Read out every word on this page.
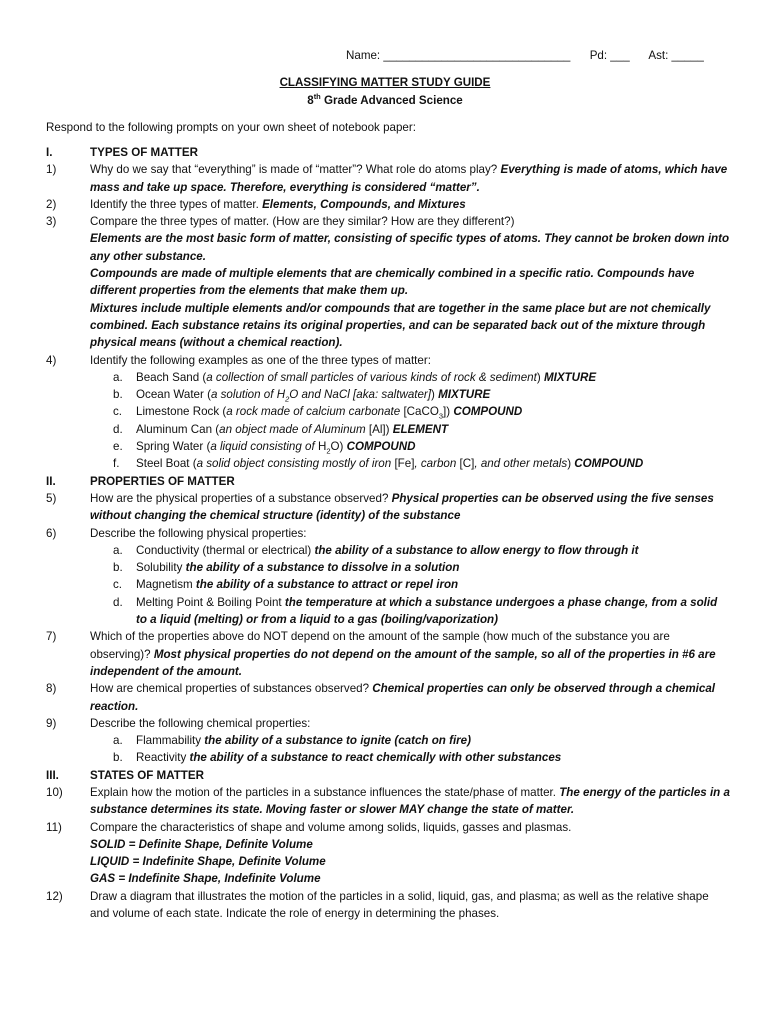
Name: _____________________________ Pd: ___ Ast: _____
CLASSIFYING MATTER STUDY GUIDE
8th Grade Advanced Science
Respond to the following prompts on your own sheet of notebook paper:
I.	TYPES OF MATTER
1)	Why do we say that “everything” is made of “matter”? What role do atoms play? Everything is made of atoms, which have mass and take up space. Therefore, everything is considered “matter”.
2)	Identify the three types of matter. Elements, Compounds, and Mixtures
3)	Compare the three types of matter. (How are they similar? How are they different?)
Elements are the most basic form of matter, consisting of specific types of atoms. They cannot be broken down into any other substance.
Compounds are made of multiple elements that are chemically combined in a specific ratio. Compounds have different properties from the elements that make them up.
Mixtures include multiple elements and/or compounds that are together in the same place but are not chemically combined. Each substance retains its original properties, and can be separated back out of the mixture through physical means (without a chemical reaction).
4)	Identify the following examples as one of the three types of matter:
a. Beach Sand (a collection of small particles of various kinds of rock & sediment) MIXTURE
b. Ocean Water (a solution of $H_2O$ and NaCl [aka: saltwater]) MIXTURE
c. Limestone Rock (a rock made of calcium carbonate [CaCO$_3$]) COMPOUND
d. Aluminum Can (an object made of Aluminum [Al]) ELEMENT
e. Spring Water (a liquid consisting of $H_2O$) COMPOUND
f. Steel Boat (a solid object consisting mostly of iron [Fe], carbon [C], and other metals) COMPOUND
II.	PROPERTIES OF MATTER
5)	How are the physical properties of a substance observed? Physical properties can be observed using the five senses without changing the chemical structure (identity) of the substance
6)	Describe the following physical properties:
a. Conductivity (thermal or electrical) the ability of a substance to allow energy to flow through it
b. Solubility the ability of a substance to dissolve in a solution
c. Magnetism the ability of a substance to attract or repel iron
d. Melting Point & Boiling Point the temperature at which a substance undergoes a phase change, from a solid to a liquid (melting) or from a liquid to a gas (boiling/vaporization)
7)	Which of the properties above do NOT depend on the amount of the sample (how much of the substance you are observing)? Most physical properties do not depend on the amount of the sample, so all of the properties in #6 are independent of the amount.
8)	How are chemical properties of substances observed? Chemical properties can only be observed through a chemical reaction.
9)	Describe the following chemical properties:
a. Flammability the ability of a substance to ignite (catch on fire)
b. Reactivity the ability of a substance to react chemically with other substances
III.	STATES OF MATTER
10) Explain how the motion of the particles in a substance influences the state/phase of matter. The energy of the particles in a substance determines its state. Moving faster or slower MAY change the state of matter.
11) Compare the characteristics of shape and volume among solids, liquids, gasses and plasmas.
SOLID = Definite Shape, Definite Volume
LIQUID = Indefinite Shape, Definite Volume
GAS = Indefinite Shape, Indefinite Volume
12) Draw a diagram that illustrates the motion of the particles in a solid, liquid, gas, and plasma; as well as the relative shape and volume of each state. Indicate the role of energy in determining the phases.
